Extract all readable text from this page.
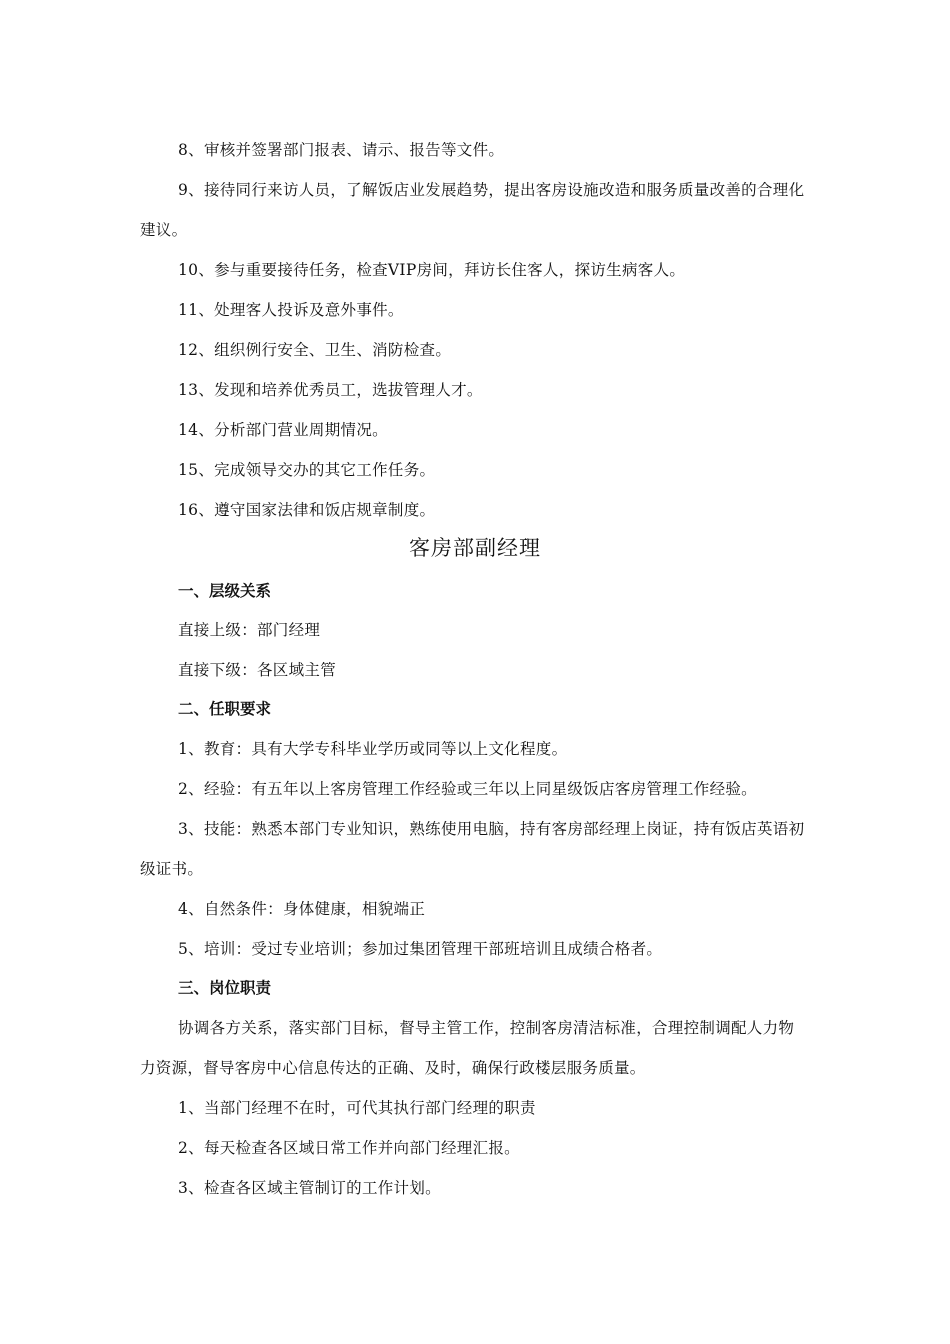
8、审核并签署部门报表、请示、报告等文件。

9、接待同行来访人员，了解饭店业发展趋势，提出客房设施改造和服务质量改善的合理化建议。

10、参与重要接待任务，检查VIP房间，拜访长住客人，探访生病客人。

11、处理客人投诉及意外事件。

12、组织例行安全、卫生、消防检查。

13、发现和培养优秀员工，选拔管理人才。

14、分析部门营业周期情况。

15、完成领导交办的其它工作任务。

16、遵守国家法律和饭店规章制度。

客房部副经理
一、层级关系

直接上级：部门经理

直接下级：各区域主管

二、任职要求

1、教育：具有大学专科毕业学历或同等以上文化程度。

2、经验：有五年以上客房管理工作经验或三年以上同星级饭店客房管理工作经验。

3、技能：熟悉本部门专业知识，熟练使用电脑，持有客房部经理上岗证，持有饭店英语初级证书。

4、自然条件：身体健康，相貌端正

5、培训：受过专业培训；参加过集团管理干部班培训且成绩合格者。

三、岗位职责

协调各方关系，落实部门目标，督导主管工作，控制客房清洁标准，合理控制调配人力物力资源，督导客房中心信息传达的正确、及时，确保行政楼层服务质量。

1、当部门经理不在时，可代其执行部门经理的职责

2、每天检查各区域日常工作并向部门经理汇报。

3、检查各区域主管制订的工作计划。
